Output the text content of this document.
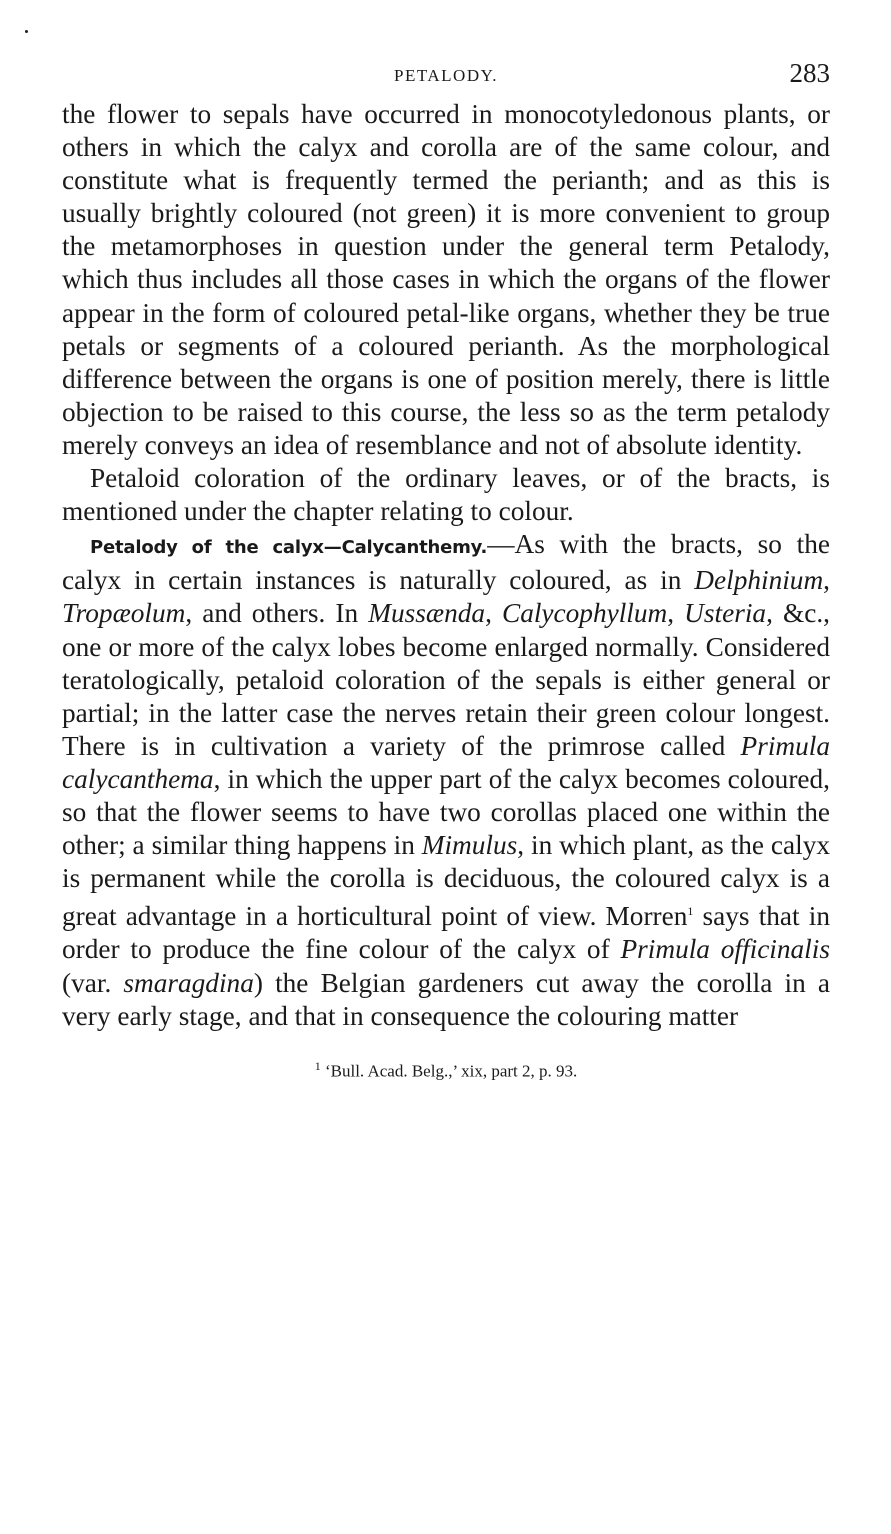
PETALODY.	283

the flower to sepals have occurred in monocotyledonous plants, or others in which the calyx and corolla are of the same colour, and constitute what is frequently termed the perianth; and as this is usually brightly coloured (not green) it is more convenient to group the metamorphoses in question under the general term Petalody, which thus includes all those cases in which the organs of the flower appear in the form of coloured petal-like organs, whether they be true petals or segments of a coloured perianth. As the morphological difference between the organs is one of position merely, there is little objection to be raised to this course, the less so as the term petalody merely conveys an idea of resemblance and not of absolute identity.

Petaloid coloration of the ordinary leaves, or of the bracts, is mentioned under the chapter relating to colour.

Petalody of the calyx—Calycanthemy.—As with the bracts, so the calyx in certain instances is naturally coloured, as in Delphinium, Tropæolum, and others. In Mussænda, Calycophyllum, Usteria, &c., one or more of the calyx lobes become enlarged normally. Considered teratologically, petaloid coloration of the sepals is either general or partial; in the latter case the nerves retain their green colour longest. There is in cultivation a variety of the primrose called Primula calycanthema, in which the upper part of the calyx becomes coloured, so that the flower seems to have two corollas placed one within the other; a similar thing happens in Mimulus, in which plant, as the calyx is permanent while the corolla is deciduous, the coloured calyx is a great advantage in a horticultural point of view. Morren$^1$ says that in order to produce the fine colour of the calyx of Primula officinalis (var. smaragdina) the Belgian gardeners cut away the corolla in a very early stage, and that in consequence the colouring matter

$^1$ ‘Bull. Acad. Belg.,’ xix, part 2, p. 93.
